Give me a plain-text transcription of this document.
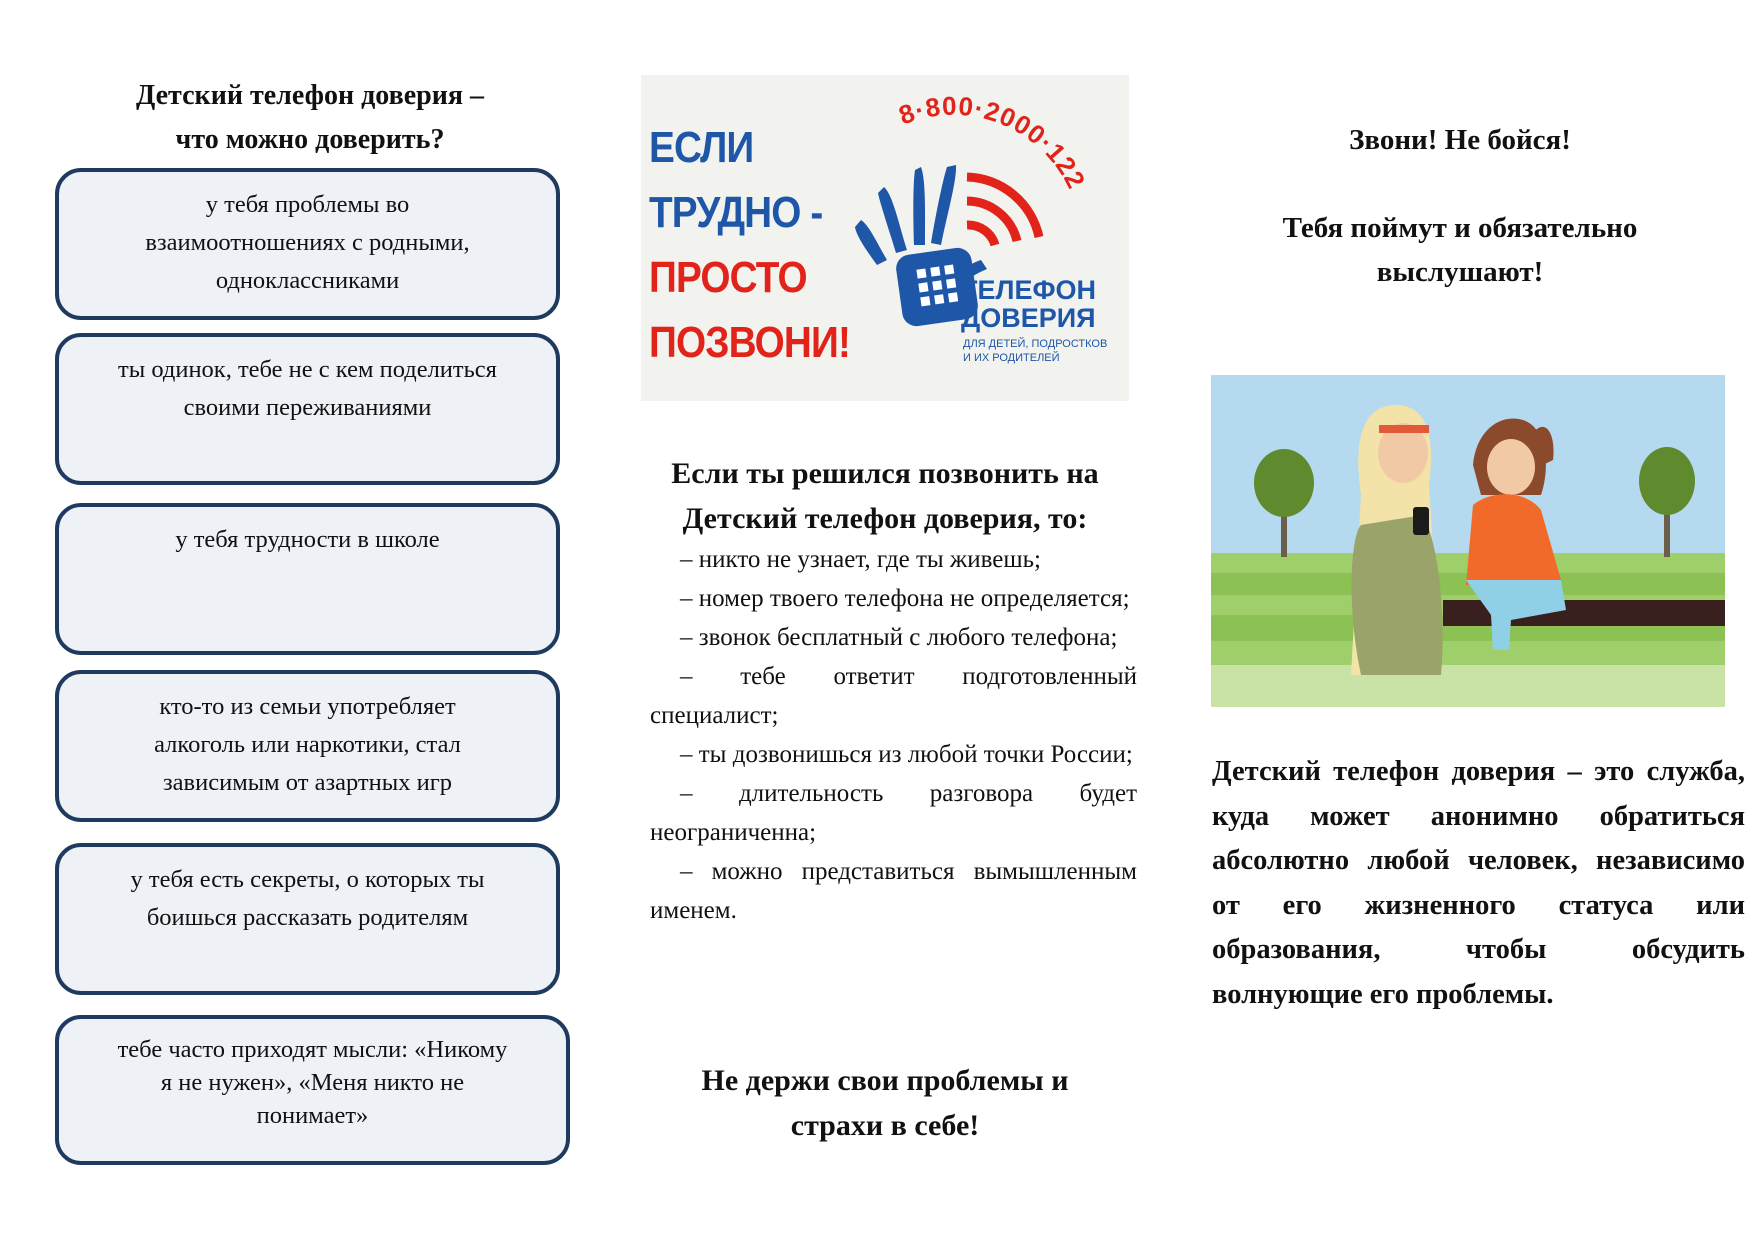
Детский телефон доверия –
что можно доверить?
у тебя проблемы во
взаимоотношениях с родными,
одноклассниками
ты одинок, тебе не с кем поделиться
своими переживаниями
у тебя трудности в школе
кто-то из семьи употребляет
алкоголь или наркотики, стал
зависимым от азартных игр
у тебя есть секреты, о которых ты
боишься рассказать родителям
тебе часто приходят мысли: «Никому
я не нужен», «Меня никто не
понимает»
ЕСЛИ
ТРУДНО -
ПРОСТО
ПОЗВОНИ!
8·800·2000·122
ТЕЛЕФОН
ДОВЕРИЯ
ДЛЯ ДЕТЕЙ, ПОДРОСТКОВ
И ИХ РОДИТЕЛЕЙ
Если ты решился позвонить на
Детский телефон доверия, то:
– никто не узнает, где ты живешь;
– номер твоего телефона не определяется;
– звонок бесплатный с любого телефона;
– тебе ответит подготовленный специалист;
– ты дозвонишься из любой точки России;
– длительность разговора будет неограниченна;
– можно представиться вымышленным именем.
Не держи свои проблемы и
страхи в себе!
Звони! Не бойся!
Тебя поймут и обязательно
выслушают!
Детский телефон доверия – это служба, куда может анонимно обратиться абсолютно любой человек, независимо от его жизненного статуса или образования, чтобы обсудить волнующие его проблемы.
